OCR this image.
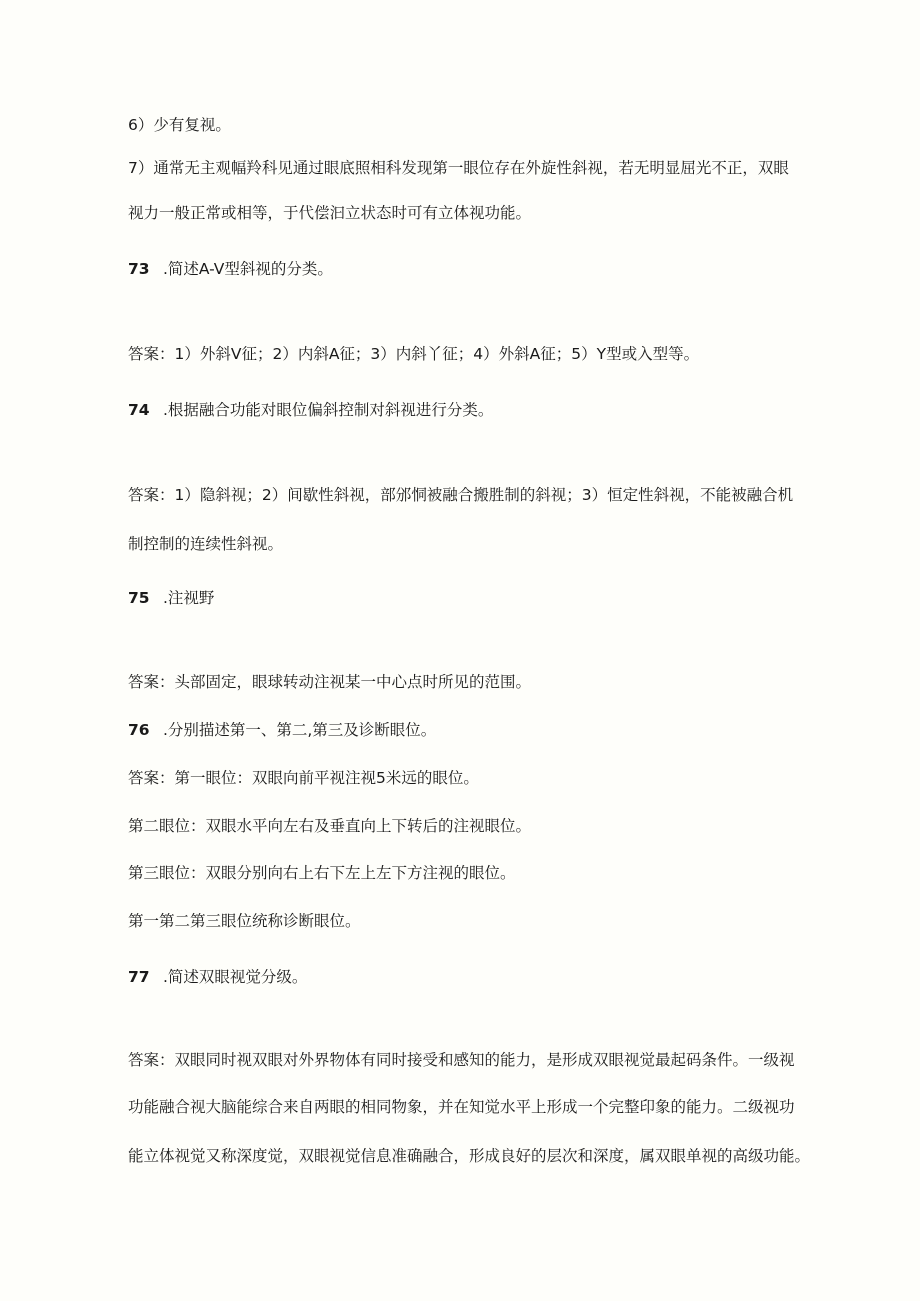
6）少有复视。
7）通常无主观幅羚科见通过眼底照相科发现第一眼位存在外旋性斜视，若无明显屈光不正，双眼
视力一般正常或相等，于代偿汩立状态时可有立体视功能。
73 .简述A-V型斜视的分类。
答案：1）外斜V征；2）内斜A征；3）内斜丫征；4）外斜A征；5）Y型或入型等。
74 .根据融合功能对眼位偏斜控制对斜视进行分类。
答案：1）隐斜视；2）间歇性斜视，部邠恫被融合搬胜制的斜视；3）恒定性斜视，不能被融合机
制控制的连续性斜视。
75 .注视野
答案：头部固定，眼球转动注视某一中心点时所见的范围。
76 .分别描述第一、第二,第三及诊断眼位。
答案：第一眼位：双眼向前平视注视5米远的眼位。
第二眼位：双眼水平向左右及垂直向上下转后的注视眼位。
第三眼位：双眼分别向右上右下左上左下方注视的眼位。
第一第二第三眼位统称诊断眼位。
77 .简述双眼视觉分级。
答案：双眼同时视双眼对外界物体有同时接受和感知的能力，是形成双眼视觉最起码条件。一级视
功能融合视大脑能综合来自两眼的相同物象，并在知觉水平上形成一个完整印象的能力。二级视功
能立体视觉又称深度觉，双眼视觉信息准确融合，形成良好的层次和深度，属双眼单视的高级功能。
